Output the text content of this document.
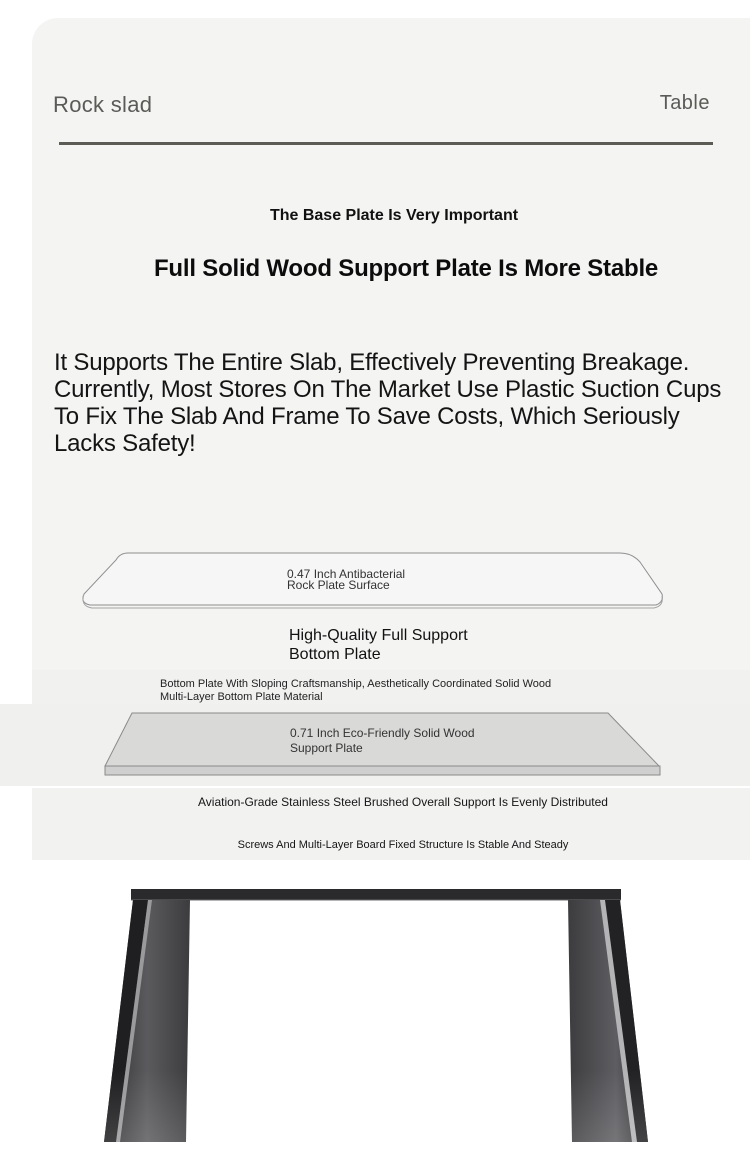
Rock slad	Table
The Base Plate Is Very Important
Full Solid Wood Support Plate Is More Stable
It Supports The Entire Slab, Effectively Preventing Breakage. Currently, Most Stores On The Market Use Plastic Suction Cups To Fix The Slab And Frame To Save Costs, Which Seriously Lacks Safety!
0.47 Inch Antibacterial
Rock Plate Surface
High-Quality Full Support
Bottom Plate
Bottom Plate With Sloping Craftsmanship, Aesthetically Coordinated Solid Wood
Multi-Layer Bottom Plate Material
0.71 Inch Eco-Friendly Solid Wood
Support Plate
Aviation-Grade Stainless Steel Brushed Overall Support Is Evenly Distributed
Screws And Multi-Layer Board Fixed Structure Is Stable And Steady
